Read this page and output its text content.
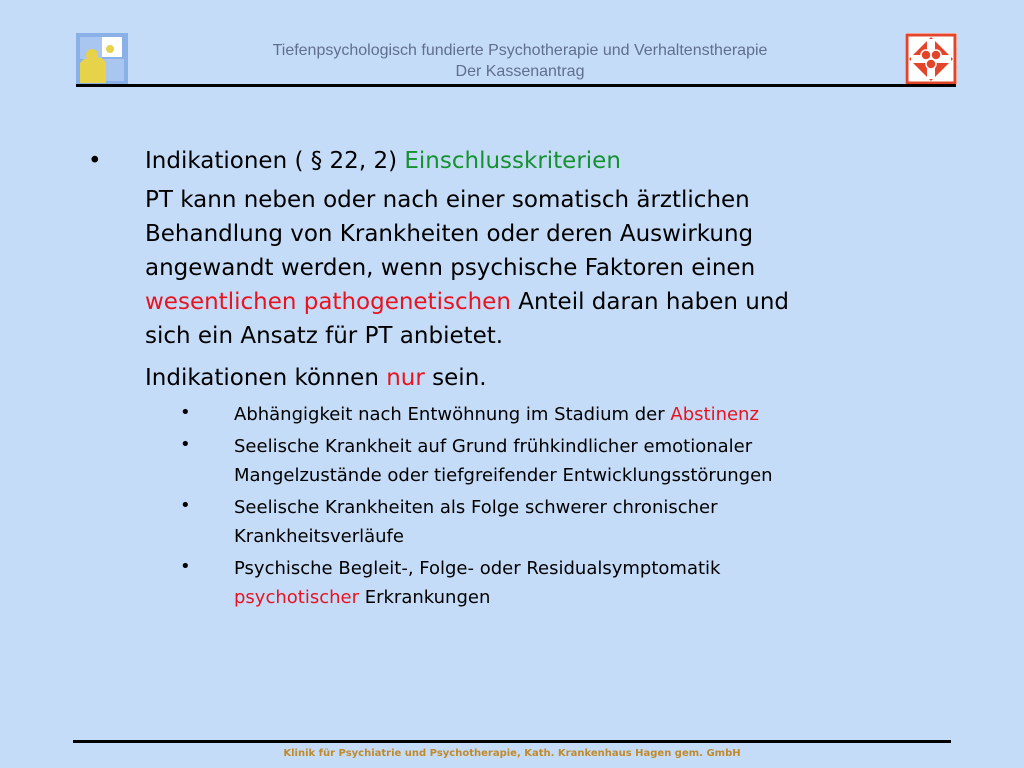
Tiefenpsychologisch fundierte Psychotherapie und Verhaltenstherapie
Der Kassenantrag
• Indikationen ( § 22, 2) Einschlusskriterien
PT kann neben oder nach einer somatisch ärztlichen
Behandlung von Krankheiten oder deren Auswirkung
angewandt werden, wenn psychische Faktoren einen
wesentlichen pathogenetischen Anteil daran haben und
sich ein Ansatz für PT anbietet.
Indikationen können nur sein.
• Abhängigkeit nach Entwöhnung im Stadium der Abstinenz
• Seelische Krankheit auf Grund frühkindlicher emotionaler
Mangelzustände oder tiefgreifender Entwicklungsstörungen
• Seelische Krankheiten als Folge schwerer chronischer
Krankheitsverläufe
• Psychische Begleit-, Folge- oder Residualsymptomatik
psychotischer Erkrankungen
Klinik für Psychiatrie und Psychotherapie, Kath. Krankenhaus Hagen gem. GmbH
